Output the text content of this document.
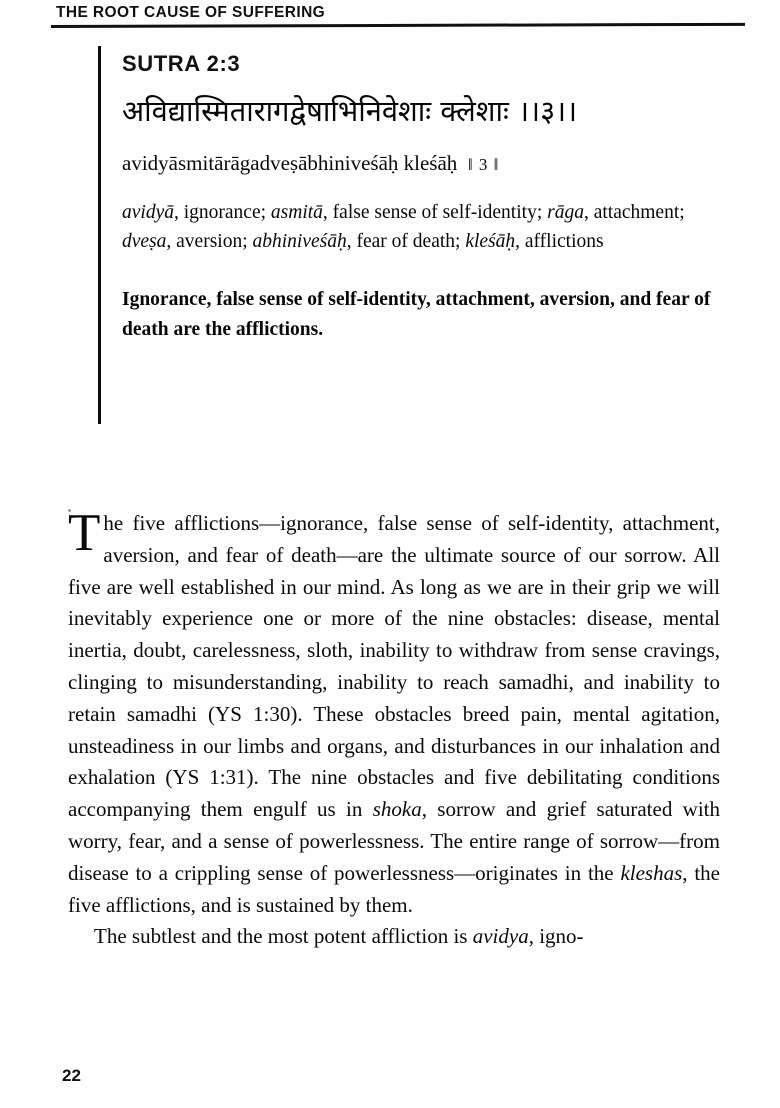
THE ROOT CAUSE OF SUFFERING
SUTRA 2:3
अविद्यास्मितारागद्वेषाभिनिवेशाः क्लेशाः ।।३।।
avidyāsmitārāgadveṣābhiniveśāḥ kleśāḥ ‖ 3 ‖
avidyā, ignorance; asmitā, false sense of self-identity; rāga, attachment; dveṣa, aversion; abhiniveśāḥ, fear of death; kleśāḥ, afflictions
Ignorance, false sense of self-identity, attachment, aversion, and fear of death are the afflictions.

The five afflictions—ignorance, false sense of self-identity, attachment, aversion, and fear of death—are the ultimate source of our sorrow. All five are well established in our mind. As long as we are in their grip we will inevitably experience one or more of the nine obstacles: disease, mental inertia, doubt, carelessness, sloth, inability to withdraw from sense cravings, clinging to misunderstanding, inability to reach samadhi, and inability to retain samadhi (YS 1:30). These obstacles breed pain, mental agitation, unsteadiness in our limbs and organs, and disturbances in our inhalation and exhalation (YS 1:31). The nine obstacles and five debilitating conditions accompanying them engulf us in shoka, sorrow and grief saturated with worry, fear, and a sense of powerlessness. The entire range of sorrow—from disease to a crippling sense of powerlessness—originates in the kleshas, the five afflictions, and is sustained by them.

The subtlest and the most potent affliction is avidya, igno-

22
